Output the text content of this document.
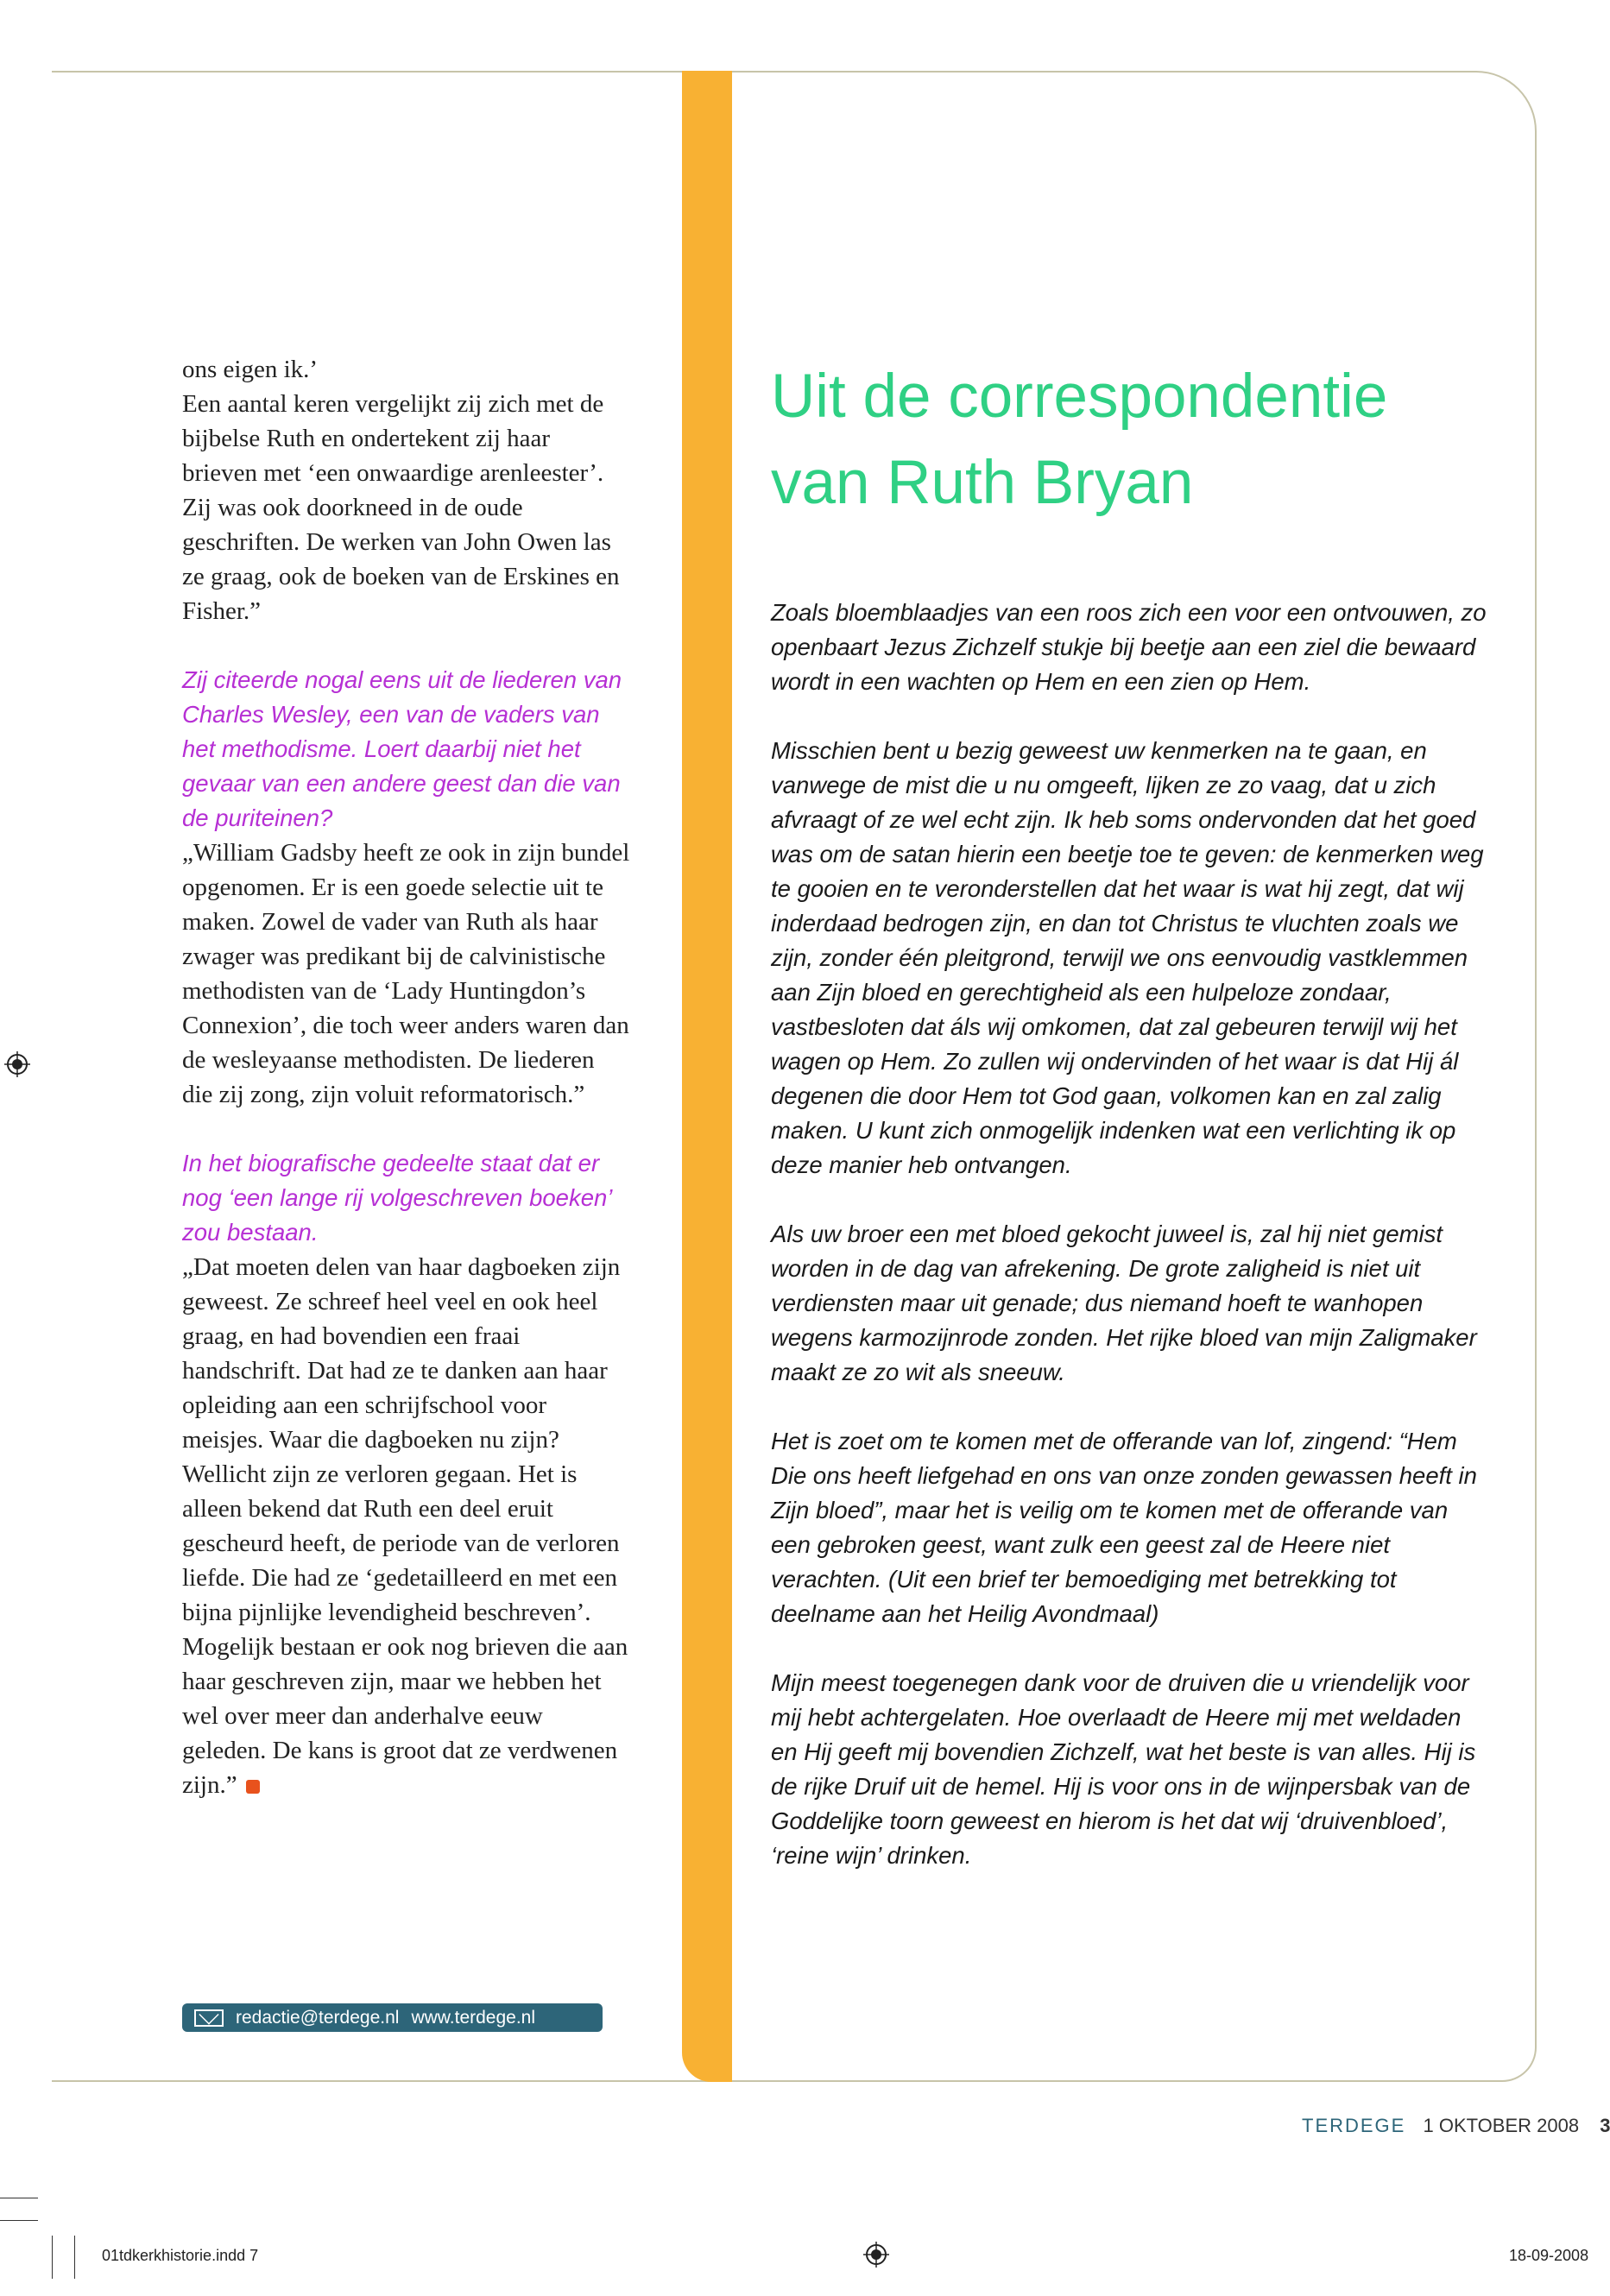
ons eigen ik.’
Een aantal keren vergelijkt zij zich met de bijbelse Ruth en ondertekent zij haar brieven met ‘een onwaardige arenleester’. Zij was ook doorkneed in de oude geschriften. De werken van John Owen las ze graag, ook de boeken van de Erskines en Fisher.”

Zij citeerde nogal eens uit de liederen van Charles Wesley, een van de vaders van het methodisme. Loert daarbij niet het gevaar van een andere geest dan die van de puriteinen?

„William Gadsby heeft ze ook in zijn bundel opgenomen. Er is een goede selectie uit te maken. Zowel de vader van Ruth als haar zwager was predikant bij de calvinistische methodisten van de ‘Lady Huntingdon’s Connexion’, die toch weer anders waren dan de wesleyaanse methodisten. De liederen die zij zong, zijn voluit reformatorisch.”

In het biografische gedeelte staat dat er nog ‘een lange rij volgeschreven boeken’ zou bestaan.

„Dat moeten delen van haar dagboeken zijn geweest. Ze schreef heel veel en ook heel graag, en had bovendien een fraai handschrift. Dat had ze te danken aan haar opleiding aan een schrijfschool voor meisjes. Waar die dagboeken nu zijn? Wellicht zijn ze verloren gegaan. Het is alleen bekend dat Ruth een deel eruit gescheurd heeft, de periode van de verloren liefde. Die had ze ‘gedetailleerd en met een bijna pijnlijke levendigheid beschreven’. Mogelijk bestaan er ook nog brieven die aan haar geschreven zijn, maar we hebben het wel over meer dan anderhalve eeuw geleden. De kans is groot dat ze verdwenen zijn.”

redactie@terdege.nl www.terdege.nl
Uit de correspondentie
van Ruth Bryan

Zoals bloemblaadjes van een roos zich een voor een ontvouwen, zo openbaart Jezus Zichzelf stukje bij beetje aan een ziel die bewaard wordt in een wachten op Hem en een zien op Hem.

Misschien bent u bezig geweest uw kenmerken na te gaan, en vanwege de mist die u nu omgeeft, lijken ze zo vaag, dat u zich afvraagt of ze wel echt zijn. Ik heb soms ondervonden dat het goed was om de satan hierin een beetje toe te geven: de kenmerken weg te gooien en te veronderstellen dat het waar is wat hij zegt, dat wij inderdaad bedrogen zijn, en dan tot Christus te vluchten zoals we zijn, zonder één pleitgrond, terwijl we ons eenvoudig vastklemmen aan Zijn bloed en gerechtigheid als een hulpeloze zondaar, vastbesloten dat áls wij omkomen, dat zal gebeuren terwijl wij het wagen op Hem. Zo zullen wij ondervinden of het waar is dat Hij ál degenen die door Hem tot God gaan, volkomen kan en zal zalig maken. U kunt zich onmogelijk indenken wat een verlichting ik op deze manier heb ontvangen.

Als uw broer een met bloed gekocht juweel is, zal hij niet gemist worden in de dag van afrekening. De grote zaligheid is niet uit verdiensten maar uit genade; dus niemand hoeft te wanhopen wegens karmozijnrode zonden. Het rijke bloed van mijn Zaligmaker maakt ze zo wit als sneeuw.

Het is zoet om te komen met de offerande van lof, zingend: “Hem Die ons heeft liefgehad en ons van onze zonden gewassen heeft in Zijn bloed”, maar het is veilig om te komen met de offerande van een gebroken geest, want zulk een geest zal de Heere niet verachten. (Uit een brief ter bemoediging met betrekking tot deelname aan het Heilig Avondmaal)

Mijn meest toegenegen dank voor de druiven die u vriendelijk voor mij hebt achtergelaten. Hoe overlaadt de Heere mij met weldaden en Hij geeft mij bovendien Zichzelf, wat het beste is van alles. Hij is de rijke Druif uit de hemel. Hij is voor ons in de wijnpersbak van de Goddelijke toorn geweest en hierom is het dat wij ‘druivenbloed’, ‘reine wijn’ drinken.

TERDEGE 1 OKTOBER 2008 3
01tdkerkhistorie.indd 7	18-09-2008
